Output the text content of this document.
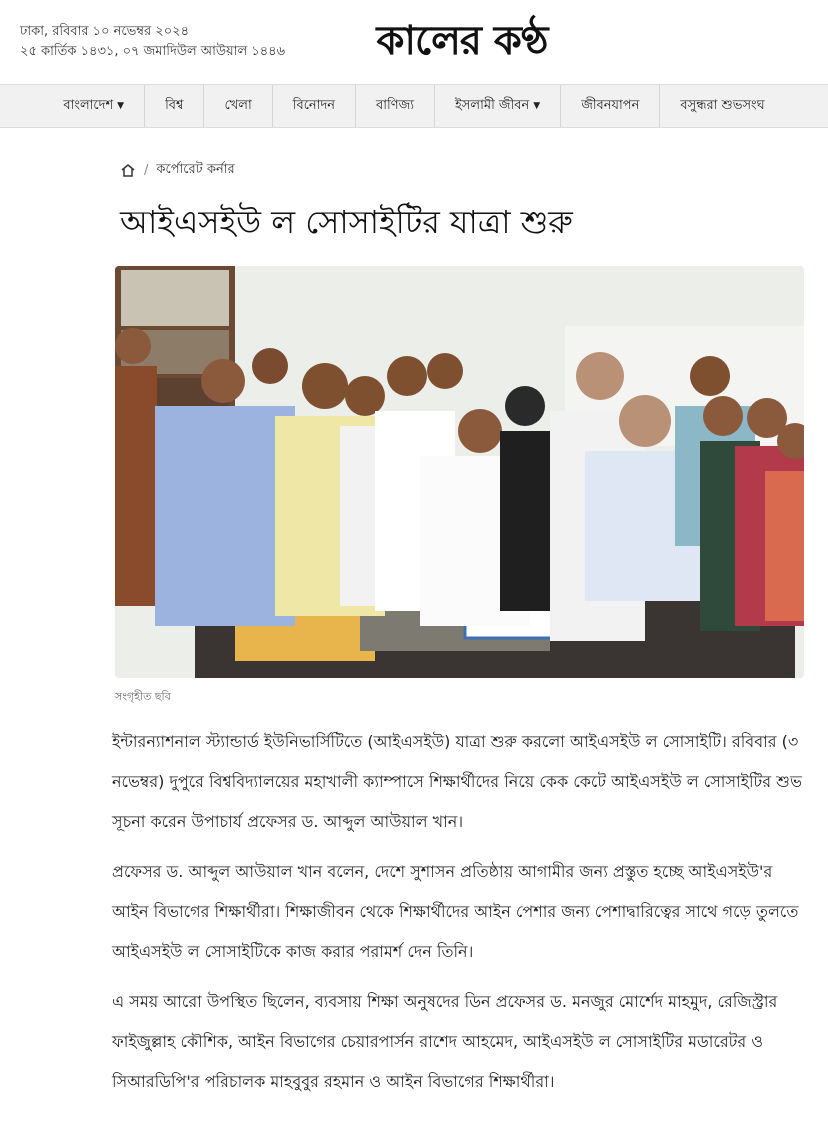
ঢাকা, রবিবার ১০ নভেম্বর ২০২৪
২৫ কার্তিক ১৪৩১, ০৭ জমাদিউল আউয়াল ১৪৪৬	কালের কণ্ঠ
বাংলাদেশ ▼	বিশ্ব	খেলা	বিনোদন	বাণিজ্য	ইসলামী জীবন ▼	জীবনযাপন	বসুন্ধরা শুভসংঘ
/ কর্পোরেট কর্নার
আইএসইউ ল সোসাইটির যাত্রা শুরু
সংগৃহীত ছবি

ইন্টারন্যাশনাল স্ট্যান্ডার্ড ইউনিভার্সিটিতে (আইএসইউ) যাত্রা শুরু করলো আইএসইউ ল সোসাইটি। রবিবার (৩ নভেম্বর) দুপুরে বিশ্ববিদ্যালয়ের মহাখালী ক্যাম্পাসে শিক্ষার্থীদের নিয়ে কেক কেটে আইএসইউ ল সোসাইটির শুভ সূচনা করেন উপাচার্য প্রফেসর ড. আব্দুল আউয়াল খান।

প্রফেসর ড. আব্দুল আউয়াল খান বলেন, দেশে সুশাসন প্রতিষ্ঠায় আগামীর জন্য প্রস্তুত হচ্ছে আইএসইউ'র আইন বিভাগের শিক্ষার্থীরা। শিক্ষাজীবন থেকে শিক্ষার্থীদের আইন পেশার জন্য পেশাদ্বারিত্বের সাথে গড়ে তুলতে আইএসইউ ল সোসাইটিকে কাজ করার পরামর্শ দেন তিনি।

এ সময় আরো উপস্থিত ছিলেন, ব্যবসায় শিক্ষা অনুষদের ডিন প্রফেসর ড. মনজুর মোর্শেদ মাহমুদ, রেজিস্ট্রার ফাইজুল্লাহ কৌশিক, আইন বিভাগের চেয়ারপার্সন রাশেদ আহমেদ, আইএসইউ ল সোসাইটির মডারেটর ও সিআরডিপি'র পরিচালক মাহবুবুর রহমান ও আইন বিভাগের শিক্ষার্থীরা।
